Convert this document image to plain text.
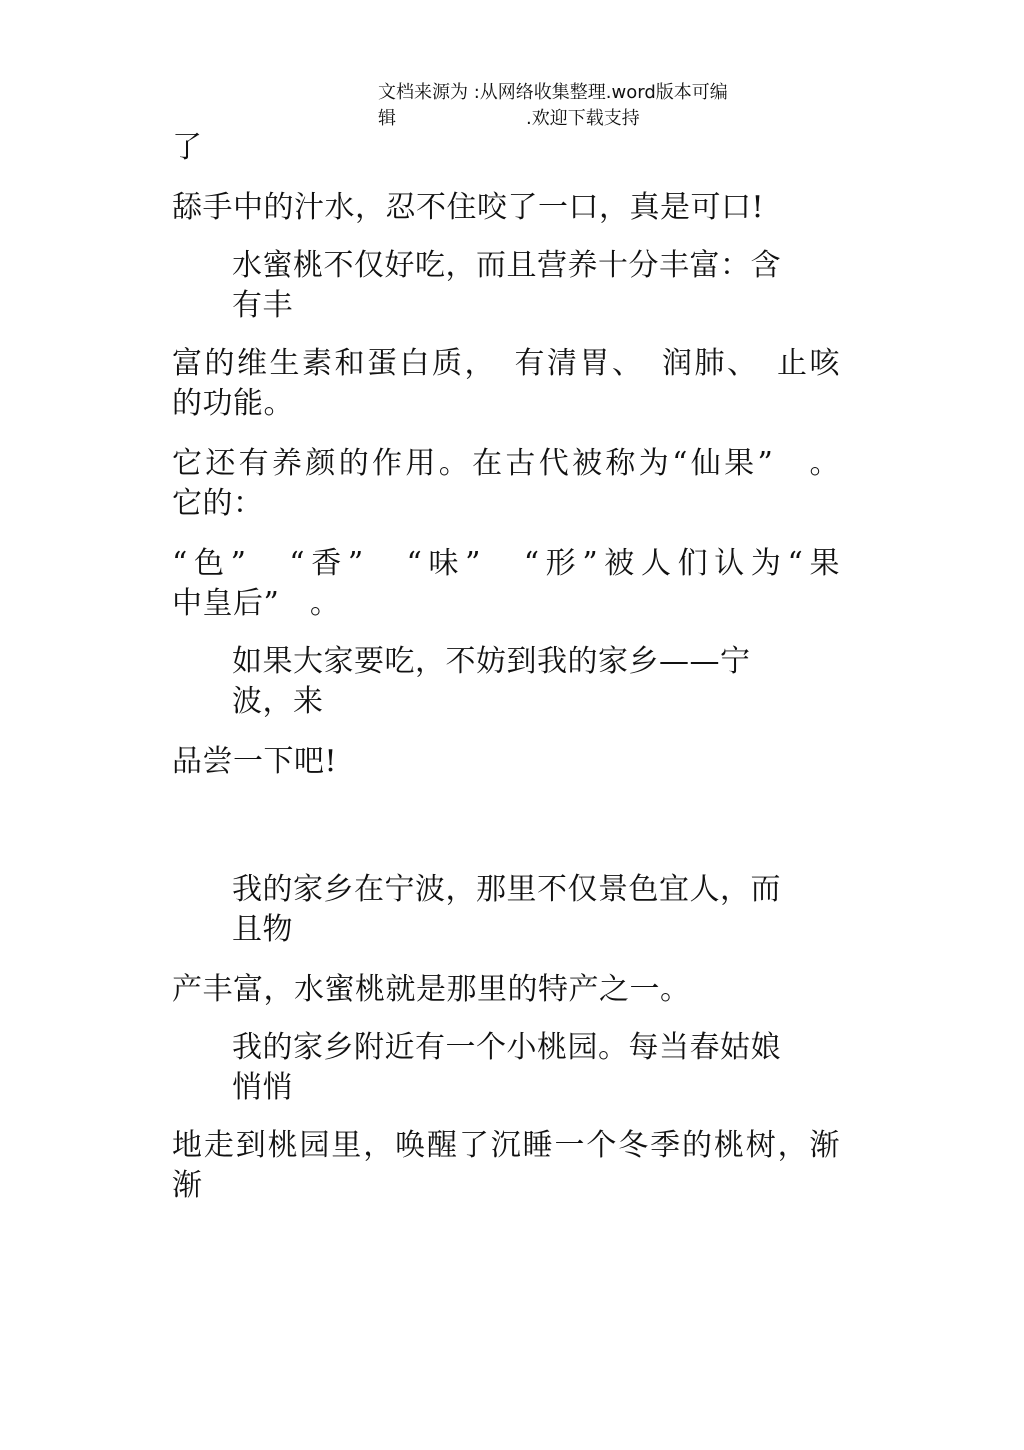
文档来源为 :从网络收集整理.word版本可编
辑	.欢迎下载支持
了
舔手中的汁水，忍不住咬了一口，真是可口!
水蜜桃不仅好吃，而且营养十分丰富：含
有丰
富的维生素和蛋白质，　有清胃、　润肺、　止咳
的功能。
它还有养颜的作用。在古代被称为“仙果”　。
它的：
“色”　“香”　“味”　“形”被人们认为“果
中皇后”　。
如果大家要吃，不妨到我的家乡——宁
波，来
品尝一下吧!
我的家乡在宁波，那里不仅景色宜人，而
且物
产丰富，水蜜桃就是那里的特产之一。
我的家乡附近有一个小桃园。每当春姑娘
悄悄
地走到桃园里，唤醒了沉睡一个冬季的桃树，渐
渐
